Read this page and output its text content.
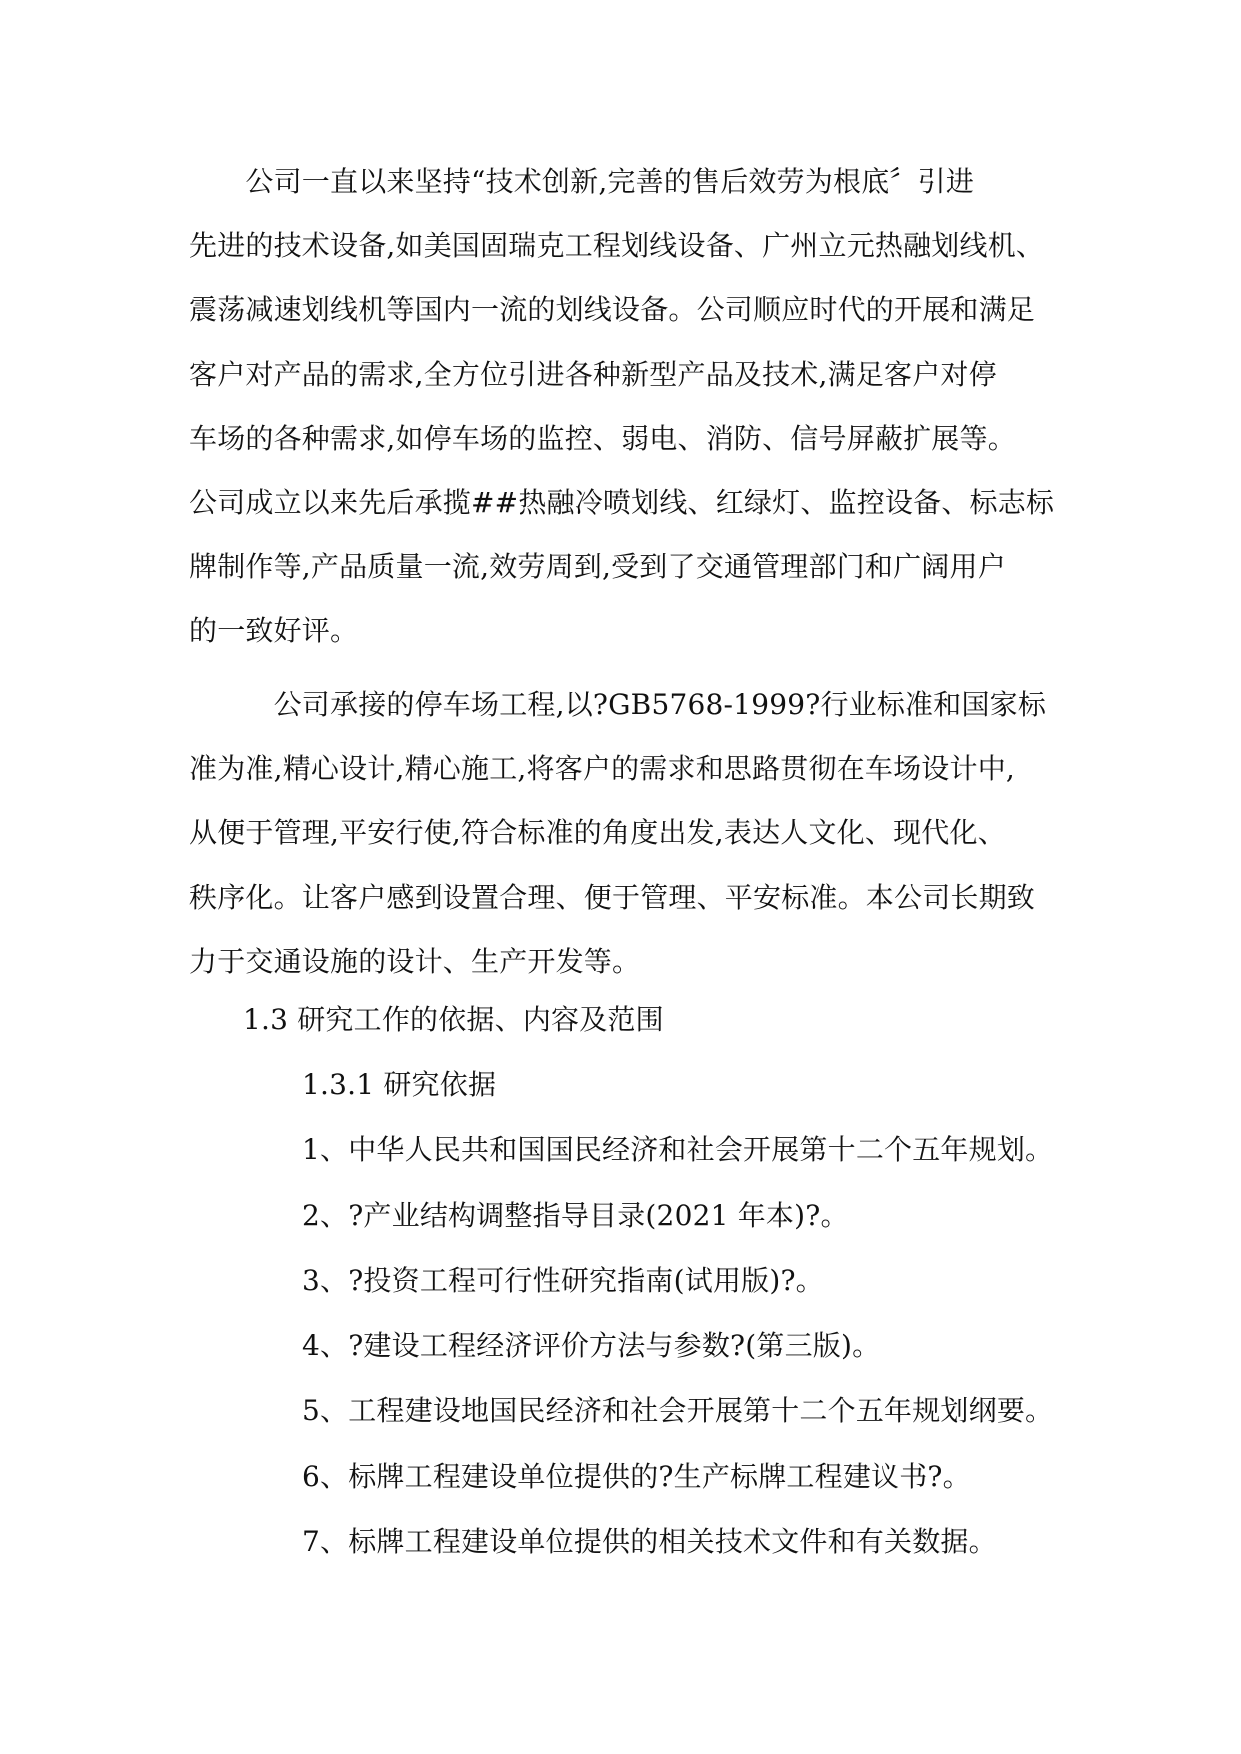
　　公司一直以来坚持“技术创新,完善的售后效劳为根底〞引进
先进的技术设备,如美国固瑞克工程划线设备、广州立元热融划线机、
震荡减速划线机等国内一流的划线设备。公司顺应时代的开展和满足
客户对产品的需求,全方位引进各种新型产品及技术,满足客户对停
车场的各种需求,如停车场的监控、弱电、消防、信号屏蔽扩展等。
公司成立以来先后承揽##热融冷喷划线、红绿灯、监控设备、标志标
牌制作等,产品质量一流,效劳周到,受到了交通管理部门和广阔用户
的一致好评。
　　　公司承接的停车场工程,以?GB5768-1999?行业标准和国家标
准为准,精心设计,精心施工,将客户的需求和思路贯彻在车场设计中,
从便于管理,平安行使,符合标准的角度出发,表达人文化、现代化、
秩序化。让客户感到设置合理、便于管理、平安标准。本公司长期致
力于交通设施的设计、生产开发等。
1.3 研究工作的依据、内容及范围
1.3.1 研究依据
1、中华人民共和国国民经济和社会开展第十二个五年规划。
2、?产业结构调整指导目录(2021 年本)?。
3、?投资工程可行性研究指南(试用版)?。
4、?建设工程经济评价方法与参数?(第三版)。
5、工程建设地国民经济和社会开展第十二个五年规划纲要。
6、标牌工程建设单位提供的?生产标牌工程建议书?。
7、标牌工程建设单位提供的相关技术文件和有关数据。
